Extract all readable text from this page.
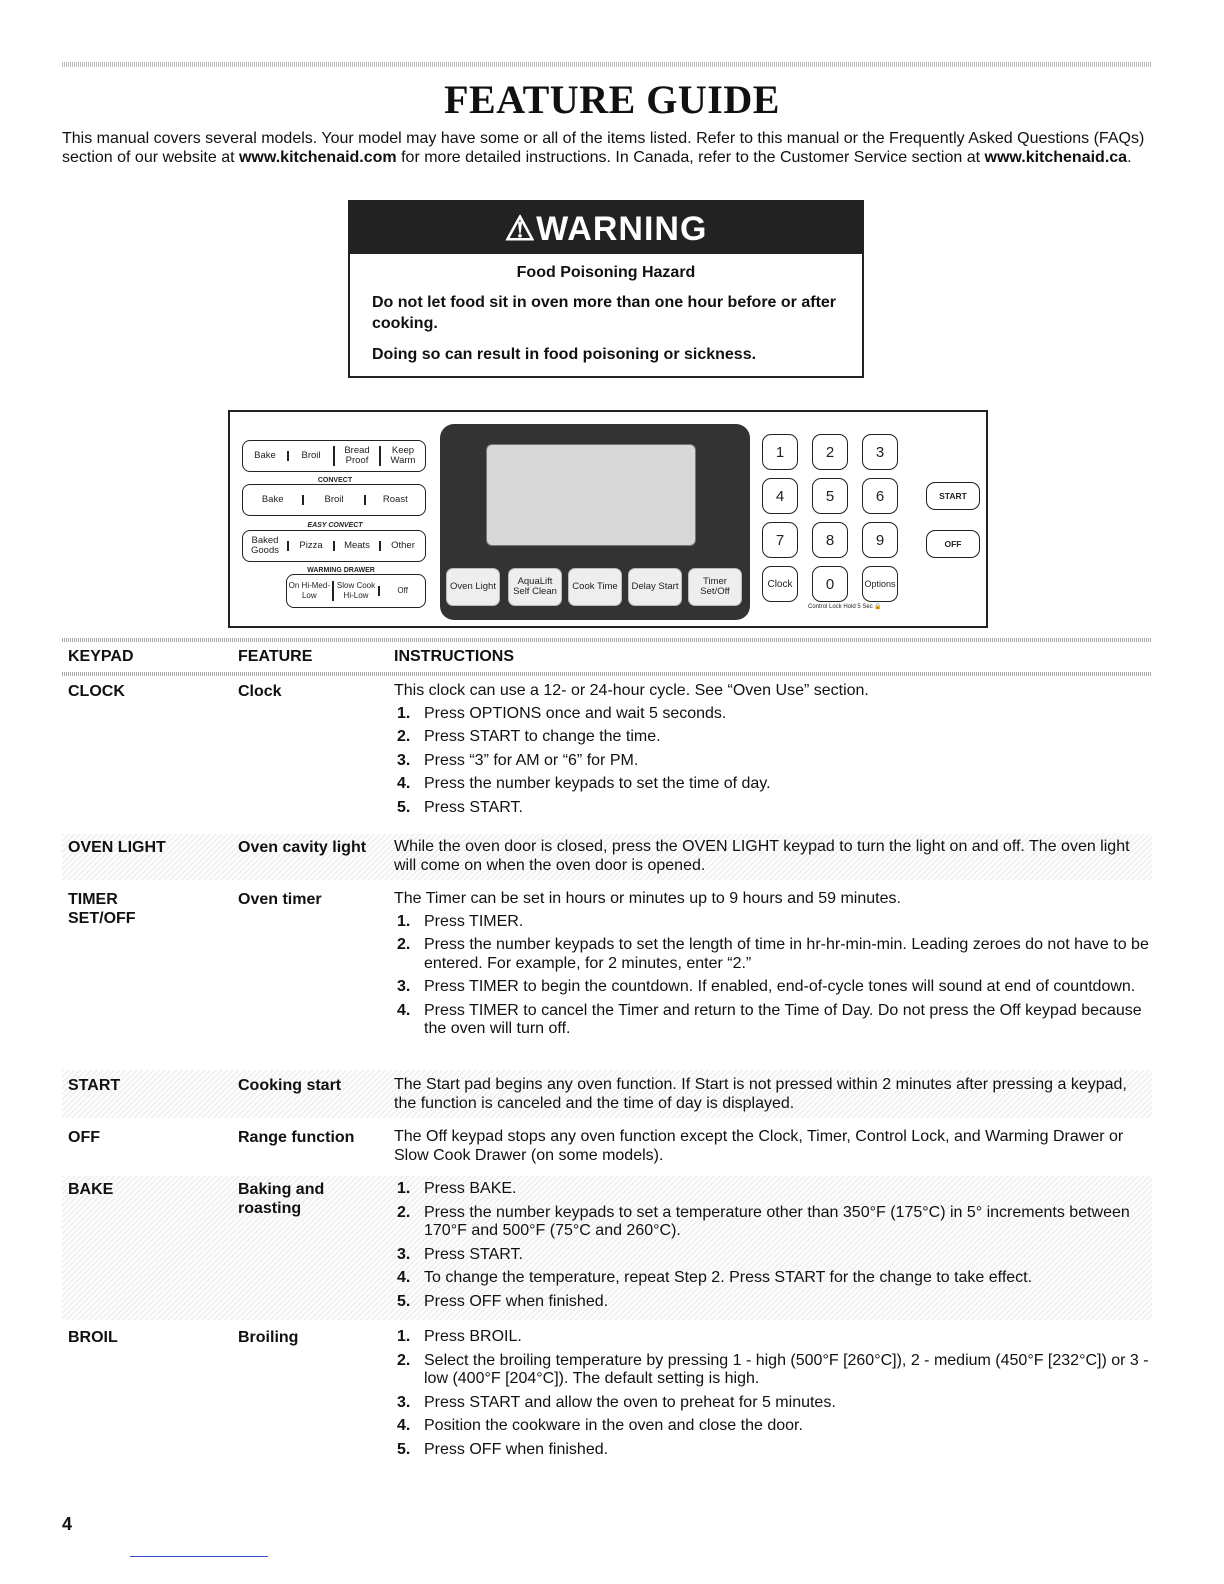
FEATURE GUIDE
This manual covers several models. Your model may have some or all of the items listed. Refer to this manual or the Frequently Asked Questions (FAQs) section of our website at www.kitchenaid.com for more detailed instructions. In Canada, refer to the Customer Service section at www.kitchenaid.ca.
⚠WARNING
Food Poisoning Hazard

Do not let food sit in oven more than one hour before or after cooking.

Doing so can result in food poisoning or sickness.

Bake	Broil	Bread Proof
Keep Warm
CONVECT
Bake	Broil	Roast
EASY CONVECT
Baked Goods	Pizza	Meats	Other
WARMING DRAWER
On Hi-Med-Low
Slow Cook Hi-Low
Off	Oven Light	AquaLift Self Clean	Cook Time	Delay Start	Timer Set/Off
1	2	3
4	5	6
7	8	9
Clock	0	Options
Control Lock Hold 5 Sec 🔒
START
OFF
KEYPAD	FEATURE	INSTRUCTIONS
CLOCK	Clock	This clock can use a 12- or 24-hour cycle. See “Oven Use” section.

1. Press OPTIONS once and wait 5 seconds.
2. Press START to change the time.
3. Press “3” for AM or “6” for PM.
4. Press the number keypads to set the time of day.
5. Press START.
OVEN LIGHT	Oven cavity light	While the oven door is closed, press the OVEN LIGHT keypad to turn the light on and off. The oven light will come on when the oven door is opened.

TIMER
SET/OFF
Oven timer	The Timer can be set in hours or minutes up to 9 hours and 59 minutes.

1. Press TIMER.
2. Press the number keypads to set the length of time in hr-hr-min-min. Leading zeroes do not have to be entered. For example, for 2 minutes, enter “2.”
3. Press TIMER to begin the countdown. If enabled, end-of-cycle tones will sound at end of countdown.
4. Press TIMER to cancel the Timer and return to the Time of Day. Do not press the Off keypad because the oven will turn off.
START	Cooking start	The Start pad begins any oven function. If Start is not pressed within 2 minutes after pressing a keypad, the function is canceled and the time of day is displayed.

OFF	Range function	The Off keypad stops any oven function except the Clock, Timer, Control Lock, and Warming Drawer or Slow Cook Drawer (on some models).

BAKE	Baking and roasting
1. Press BAKE.
2. Press the number keypads to set a temperature other than 350°F (175°C) in 5° increments between 170°F and 500°F (75°C and 260°C).
3. Press START.
4. To change the temperature, repeat Step 2. Press START for the change to take effect.
5. Press OFF when finished.
BROIL	Broiling	1. Press BROIL.
2. Select the broiling temperature by pressing 1 - high (500°F [260°C]), 2 - medium (450°F [232°C]) or 3 - low (400°F [204°C]). The default setting is high.
3. Press START and allow the oven to preheat for 5 minutes.
4. Position the cookware in the oven and close the door.
5. Press OFF when finished.
4
